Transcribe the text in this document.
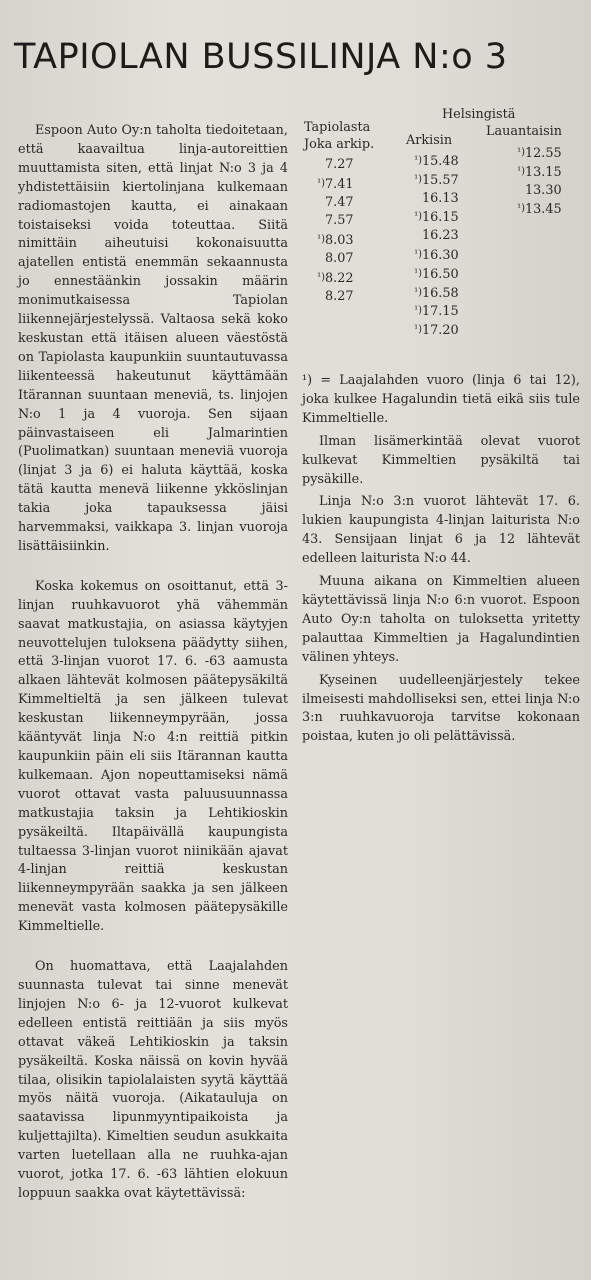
TAPIOLAN BUSSILINJA N:o 3

Espoon Auto Oy:n taholta tiedoitetaan, että kaavailtua linja-autoreittien muuttamista siten, että linjat N:o 3 ja 4 yhdistettäisiin kiertolinjana kulkemaan radiomastojen kautta, ei ainakaan toistaiseksi voida toteuttaa. Siitä nimittäin aiheutuisi kokonaisuutta ajatellen entistä enemmän sekaannusta jo ennestäänkin jossakin määrin monimutkaisessa Tapiolan liikennejärjestelyssä. Valtaosa sekä koko keskustan että itäisen alueen väestöstä on Tapiolasta kaupunkiin suuntautuvassa liikenteessä hakeutunut käyttämään Itärannan suuntaan meneviä, ts. linjojen N:o 1 ja 4 vuoroja. Sen sijaan päinvastaiseen eli Jalmarintien (Puolimatkan) suuntaan meneviä vuoroja (linjat 3 ja 6) ei haluta käyttää, koska tätä kautta menevä liikenne ykköslinjan takia joka tapauksessa jäisi harvemmaksi, vaikkapa 3. linjan vuoroja lisättäisiinkin.

Koska kokemus on osoittanut, että 3-linjan ruuhkavuorot yhä vähemmän saavat matkustajia, on asiassa käytyjen neuvottelujen tuloksena päädytty siihen, että 3-linjan vuorot 17. 6. -63 aamusta alkaen lähtevät kolmosen päätepysäkiltä Kimmeltieltä ja sen jälkeen tulevat keskustan liikenneympyrään, jossa kääntyvät linja N:o 4:n reittiä pitkin kaupunkiin päin eli siis Itärannan kautta kulkemaan. Ajon nopeuttamiseksi nämä vuorot ottavat vasta paluusuunnassa matkustajia taksin ja Lehtikioskin pysäkeiltä. Iltapäivällä kaupungista tultaessa 3-linjan vuorot niinikään ajavat 4-linjan reittiä keskustan liikenneympyrään saakka ja sen jälkeen menevät vasta kolmosen päätepysäkille Kimmeltielle.

On huomattava, että Laajalahden suunnasta tulevat tai sinne menevät linjojen N:o 6- ja 12-vuorot kulkevat edelleen entistä reittiään ja siis myös ottavat väkeä Lehtikioskin ja taksin pysäkeiltä. Koska näissä on kovin hyvää tilaa, olisikin tapiolalaisten syytä käyttää myös näitä vuoroja. (Aikatauluja on saatavissa lipunmyyntipaikoista ja kuljettajilta). Kimeltien seudun asukkaita varten luetellaan alla ne ruuhka-ajan vuorot, jotka 17. 6. -63 lähtien elokuun loppuun saakka ovat käytettävissä:

Tapiolasta
Joka arkip.
Helsingistä
Arkisin
Lauantaisin
7.27
¹)7.41
7.47
7.57
¹)8.03
8.07
¹)8.22
8.27
¹)15.48
¹)15.57
16.13
¹)16.15
16.23
¹)16.30
¹)16.50
¹)16.58
¹)17.15
¹)17.20
¹)12.55
¹)13.15
13.30
¹)13.45

¹) = Laajalahden vuoro (linja 6 tai 12), joka kulkee Hagalundin tietä eikä siis tule Kimmeltielle.

Ilman lisämerkintää olevat vuorot kulkevat Kimmeltien pysäkiltä tai pysäkille.

Linja N:o 3:n vuorot lähtevät 17. 6. lukien kaupungista 4-linjan laiturista N:o 43. Sensijaan linjat 6 ja 12 lähtevät edelleen laiturista N:o 44.

Muuna aikana on Kimmeltien alueen käytettävissä linja N:o 6:n vuorot. Espoon Auto Oy:n taholta on tuloksetta yritetty palauttaa Kimmeltien ja Hagalundintien välinen yhteys.

Kyseinen uudelleenjärjestely tekee ilmeisesti mahdolliseksi sen, ettei linja N:o 3:n ruuhkavuoroja tarvitse kokonaan poistaa, kuten jo oli pelättävissä.
